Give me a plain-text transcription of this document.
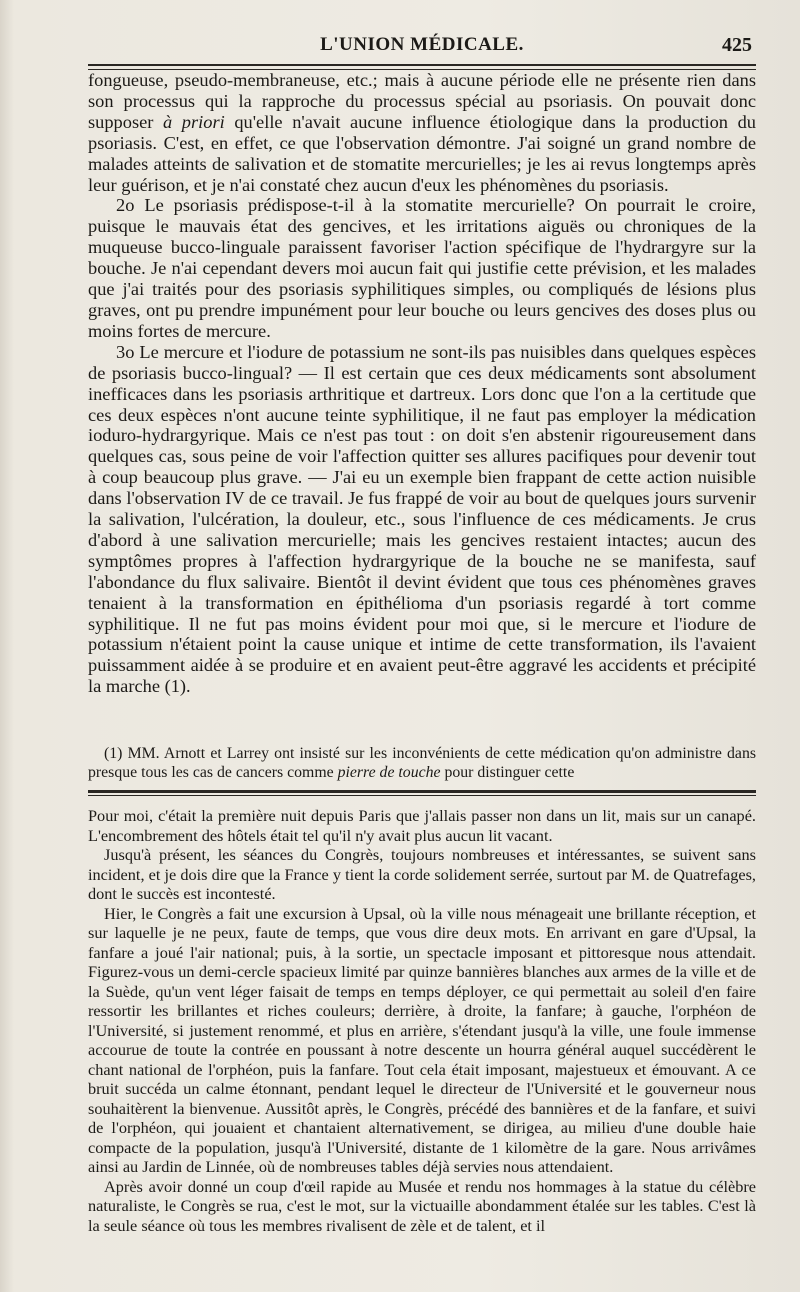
L'UNION MÉDICALE.	425

fongueuse, pseudo-membraneuse, etc.; mais à aucune période elle ne présente rien dans son processus qui la rapproche du processus spécial au psoriasis. On pouvait donc supposer à priori qu'elle n'avait aucune influence étiologique dans la production du psoriasis. C'est, en effet, ce que l'observation démontre. J'ai soigné un grand nombre de malades atteints de salivation et de stomatite mercurielles; je les ai revus longtemps après leur guérison, et je n'ai constaté chez aucun d'eux les phénomènes du psoriasis.

2o Le psoriasis prédispose-t-il à la stomatite mercurielle? On pourrait le croire, puisque le mauvais état des gencives, et les irritations aiguës ou chroniques de la muqueuse bucco-linguale paraissent favoriser l'action spécifique de l'hydrargyre sur la bouche. Je n'ai cependant devers moi aucun fait qui justifie cette prévision, et les malades que j'ai traités pour des psoriasis syphilitiques simples, ou compliqués de lésions plus graves, ont pu prendre impunément pour leur bouche ou leurs gencives des doses plus ou moins fortes de mercure.

3o Le mercure et l'iodure de potassium ne sont-ils pas nuisibles dans quelques espèces de psoriasis bucco-lingual? — Il est certain que ces deux médicaments sont absolument inefficaces dans les psoriasis arthritique et dartreux. Lors donc que l'on a la certitude que ces deux espèces n'ont aucune teinte syphilitique, il ne faut pas employer la médication ioduro-hydrargyrique. Mais ce n'est pas tout : on doit s'en abstenir rigoureusement dans quelques cas, sous peine de voir l'affection quitter ses allures pacifiques pour devenir tout à coup beaucoup plus grave. — J'ai eu un exemple bien frappant de cette action nuisible dans l'observation IV de ce travail. Je fus frappé de voir au bout de quelques jours survenir la salivation, l'ulcération, la douleur, etc., sous l'influence de ces médicaments. Je crus d'abord à une salivation mercurielle; mais les gencives restaient intactes; aucun des symptômes propres à l'affection hydrargyrique de la bouche ne se manifesta, sauf l'abondance du flux salivaire. Bientôt il devint évident que tous ces phénomènes graves tenaient à la transformation en épithélioma d'un psoriasis regardé à tort comme syphilitique. Il ne fut pas moins évident pour moi que, si le mercure et l'iodure de potassium n'étaient point la cause unique et intime de cette transformation, ils l'avaient puissamment aidée à se produire et en avaient peut-être aggravé les accidents et précipité la marche (1).

(1) MM. Arnott et Larrey ont insisté sur les inconvénients de cette médication qu'on administre dans presque tous les cas de cancers comme pierre de touche pour distinguer cette

Pour moi, c'était la première nuit depuis Paris que j'allais passer non dans un lit, mais sur un canapé. L'encombrement des hôtels était tel qu'il n'y avait plus aucun lit vacant.

Jusqu'à présent, les séances du Congrès, toujours nombreuses et intéressantes, se suivent sans incident, et je dois dire que la France y tient la corde solidement serrée, surtout par M. de Quatrefages, dont le succès est incontesté.

Hier, le Congrès a fait une excursion à Upsal, où la ville nous ménageait une brillante réception, et sur laquelle je ne peux, faute de temps, que vous dire deux mots. En arrivant en gare d'Upsal, la fanfare a joué l'air national; puis, à la sortie, un spectacle imposant et pittoresque nous attendait. Figurez-vous un demi-cercle spacieux limité par quinze bannières blanches aux armes de la ville et de la Suède, qu'un vent léger faisait de temps en temps déployer, ce qui permettait au soleil d'en faire ressortir les brillantes et riches couleurs; derrière, à droite, la fanfare; à gauche, l'orphéon de l'Université, si justement renommé, et plus en arrière, s'étendant jusqu'à la ville, une foule immense accourue de toute la contrée en poussant à notre descente un hourra général auquel succédèrent le chant national de l'orphéon, puis la fanfare. Tout cela était imposant, majestueux et émouvant. A ce bruit succéda un calme étonnant, pendant lequel le directeur de l'Université et le gouverneur nous souhaitèrent la bienvenue. Aussitôt après, le Congrès, précédé des bannières et de la fanfare, et suivi de l'orphéon, qui jouaient et chantaient alternativement, se dirigea, au milieu d'une double haie compacte de la population, jusqu'à l'Université, distante de 1 kilomètre de la gare. Nous arrivâmes ainsi au Jardin de Linnée, où de nombreuses tables déjà servies nous attendaient.

Après avoir donné un coup d'œil rapide au Musée et rendu nos hommages à la statue du célèbre naturaliste, le Congrès se rua, c'est le mot, sur la victuaille abondamment étalée sur les tables. C'est là la seule séance où tous les membres rivalisent de zèle et de talent, et il
